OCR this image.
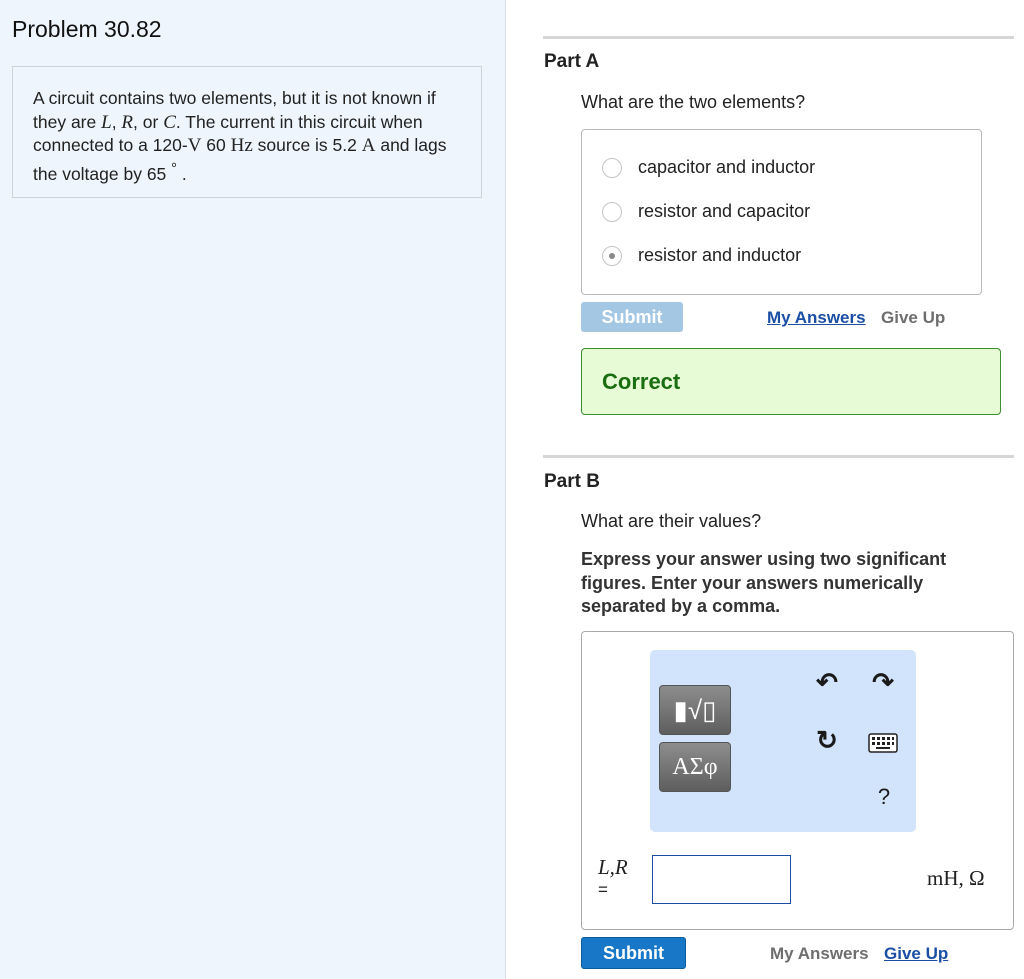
Problem 30.82
A circuit contains two elements, but it is not known if they are L, R, or C. The current in this circuit when connected to a 120-V 60 Hz source is 5.2 A and lags the voltage by 65 ° .
Part A
What are the two elements?
capacitor and inductor
resistor and capacitor
resistor and inductor
Submit	My Answers Give Up
Correct
Part B
What are their values?
Express your answer using two significant figures. Enter your answers numerically separated by a comma.
▮√▯
ΑΣφ
↶ ↷
↻
?
L,R
=	mH, Ω
Submit	My Answers Give Up
